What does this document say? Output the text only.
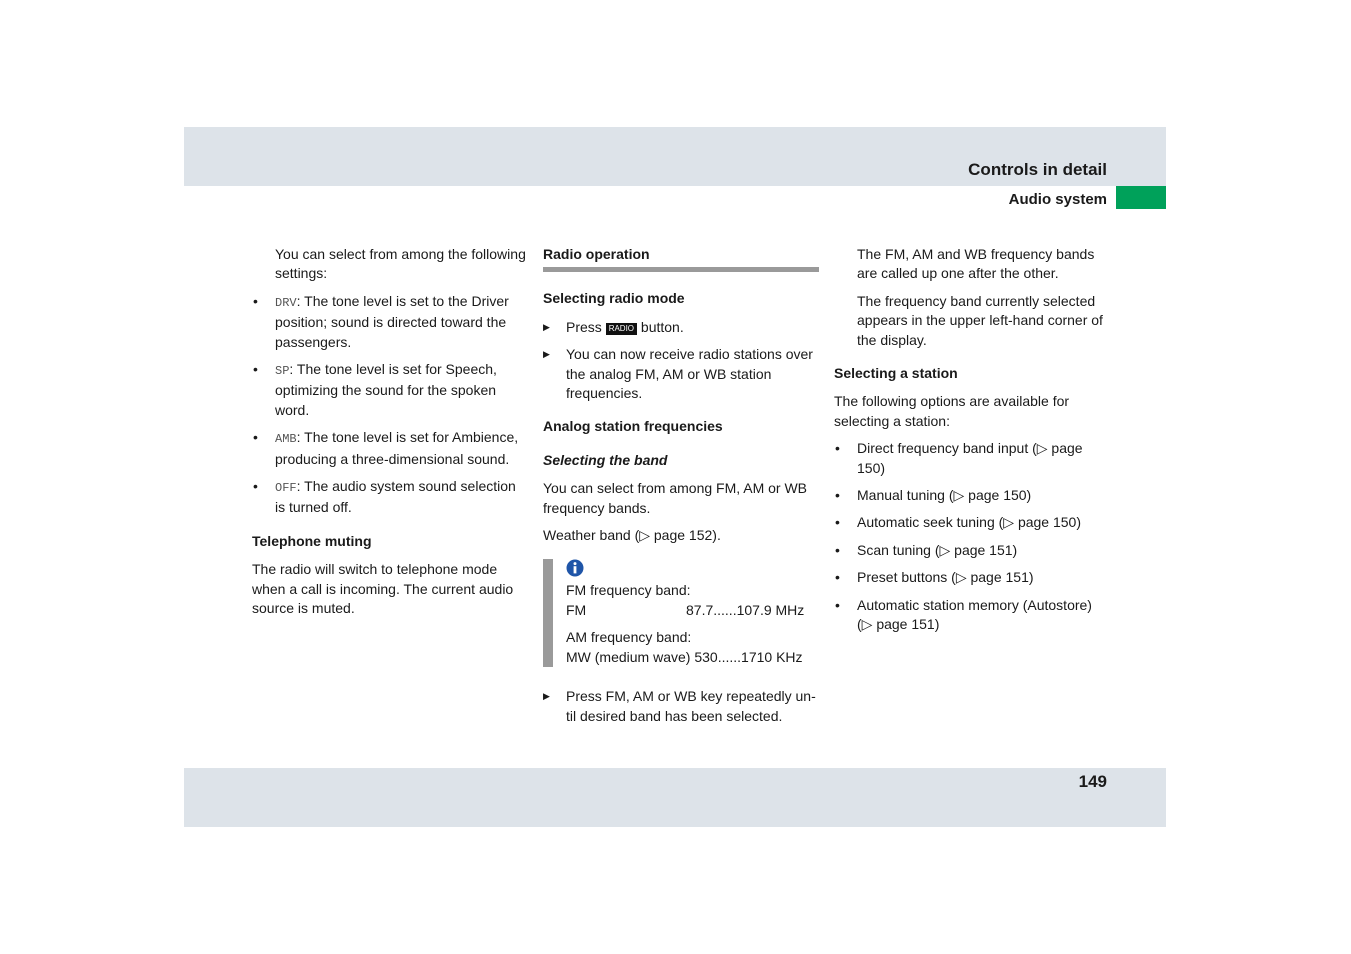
Controls in detail
Audio system

You can select from among the following settings:

• DRV: The tone level is set to the Driver position; sound is directed toward the passengers.
• SP: The tone level is set for Speech, optimizing the sound for the spoken word.
• AMB: The tone level is set for Ambience, producing a three-dimensional sound.
• OFF: The audio system sound selection is turned off.
Telephone muting

The radio will switch to telephone mode when a call is incoming. The current audio source is muted.

Radio operation
Selecting radio mode
▶ Press RADIO button.
▶ You can now receive radio stations over the analog FM, AM or WB station frequencies.
Analog station frequencies
Selecting the band

You can select from among FM, AM or WB frequency bands.

Weather band (▷ page 152).

FM frequency band:

FM	87.7......107.9 MHz

AM frequency band:
MW (medium wave) 530......1710 KHz

▶ Press FM, AM or WB key repeatedly un-til desired band has been selected.

The FM, AM and WB frequency bands are called up one after the other.

The frequency band currently selected appears in the upper left-hand corner of the display.

Selecting a station

The following options are available for selecting a station:

• Direct frequency band input (▷ page 150)
• Manual tuning (▷ page 150)
• Automatic seek tuning (▷ page 150)
• Scan tuning (▷ page 151)
• Preset buttons (▷ page 151)
• Automatic station memory (Autostore) (▷ page 151)
149
